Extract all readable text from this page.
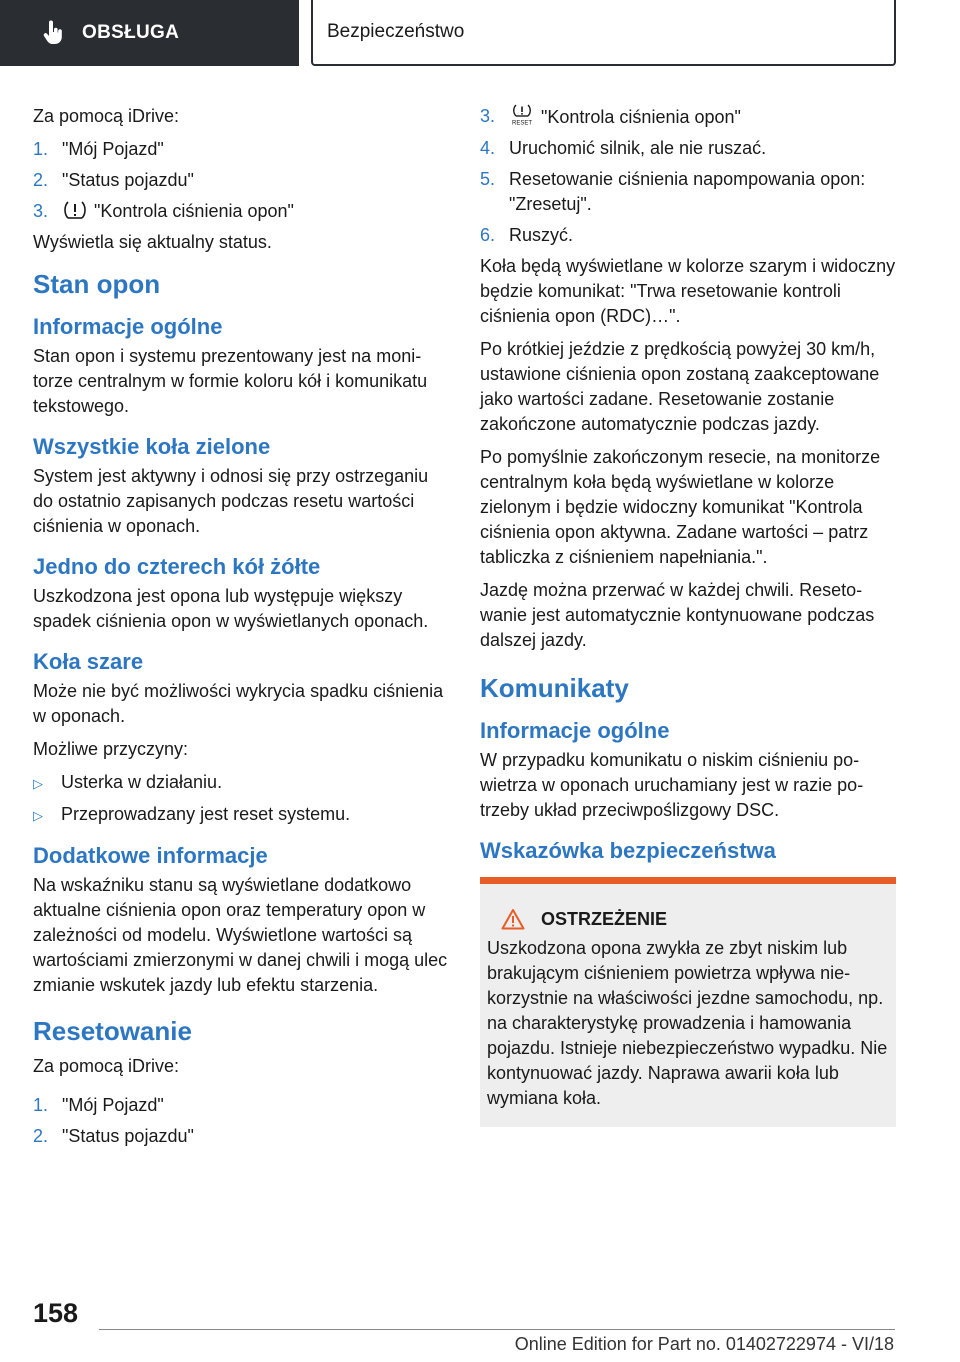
OBSŁUGA	Bezpieczeństwo

Za pomocą iDrive:

1. "Mój Pojazd"
2. "Status pojazdu"
3.	"Kontrola ciśnienia opon"

Wyświetla się aktualny status.

Stan opon
Informacje ogólne

Stan opon i systemu prezentowany jest na monitorze centralnym w formie koloru kół i komunikatu tekstowego.

Wszystkie koła zielone

System jest aktywny i odnosi się przy ostrzeganiu do ostatnio zapisanych podczas resetu wartości ciśnienia w oponach.

Jedno do czterech kół żółte

Uszkodzona jest opona lub występuje większy spadek ciśnienia opon w wyświetlanych oponach.

Koła szare

Może nie być możliwości wykrycia spadku ciśnienia w oponach.

Możliwe przyczyny:

▷	Usterka w działaniu.
▷	Przeprowadzany jest reset systemu.
Dodatkowe informacje

Na wskaźniku stanu są wyświetlane dodatkowo aktualne ciśnienia opon oraz temperatury opon w zależności od modelu. Wyświetlone wartości są wartościami zmierzonymi w danej chwili i mogą ulec zmianie wskutek jazdy lub efektu starzenia.

Resetowanie

Za pomocą iDrive:

1. "Mój Pojazd"
2. "Status pojazdu"
3.	RESET "Kontrola ciśnienia opon"
4. Uruchomić silnik, ale nie ruszać.
5. Resetowanie ciśnienia napompowania opon: "Zresetuj".
6. Ruszyć.

Koła będą wyświetlane w kolorze szarym i widoczny będzie komunikat: "Trwa resetowanie kontroli ciśnienia opon (RDC)…".

Po krótkiej jeździe z prędkością powyżej 30 km/h, ustawione ciśnienia opon zostaną zaakceptowane jako wartości zadane. Resetowanie zostanie zakończone automatycznie podczas jazdy.

Po pomyślnie zakończonym resecie, na monitorze centralnym koła będą wyświetlane w kolorze zielonym i będzie widoczny komunikat "Kontrola ciśnienia opon aktywna. Zadane wartości – patrz tabliczka z ciśnieniem napełniania.".

Jazdę można przerwać w każdej chwili. Resetowanie jest automatycznie kontynuowane podczas dalszej jazdy.

Komunikaty
Informacje ogólne

W przypadku komunikatu o niskim ciśnieniu powietrza w oponach uruchamiany jest w razie potrzeby układ przeciwpoślizgowy DSC.

Wskazówka bezpieczeństwa
OSTRZEŻENIE

Uszkodzona opona zwykła ze zbyt niskim lub brakującym ciśnieniem powietrza wpływa niekorzystnie na właściwości jezdne samochodu, np. na charakterystykę prowadzenia i hamowania pojazdu. Istnieje niebezpieczeństwo wypadku. Nie kontynuować jazdy. Naprawa awarii koła lub wymiana koła.

158
Online Edition for Part no. 01402722974 - VI/18
